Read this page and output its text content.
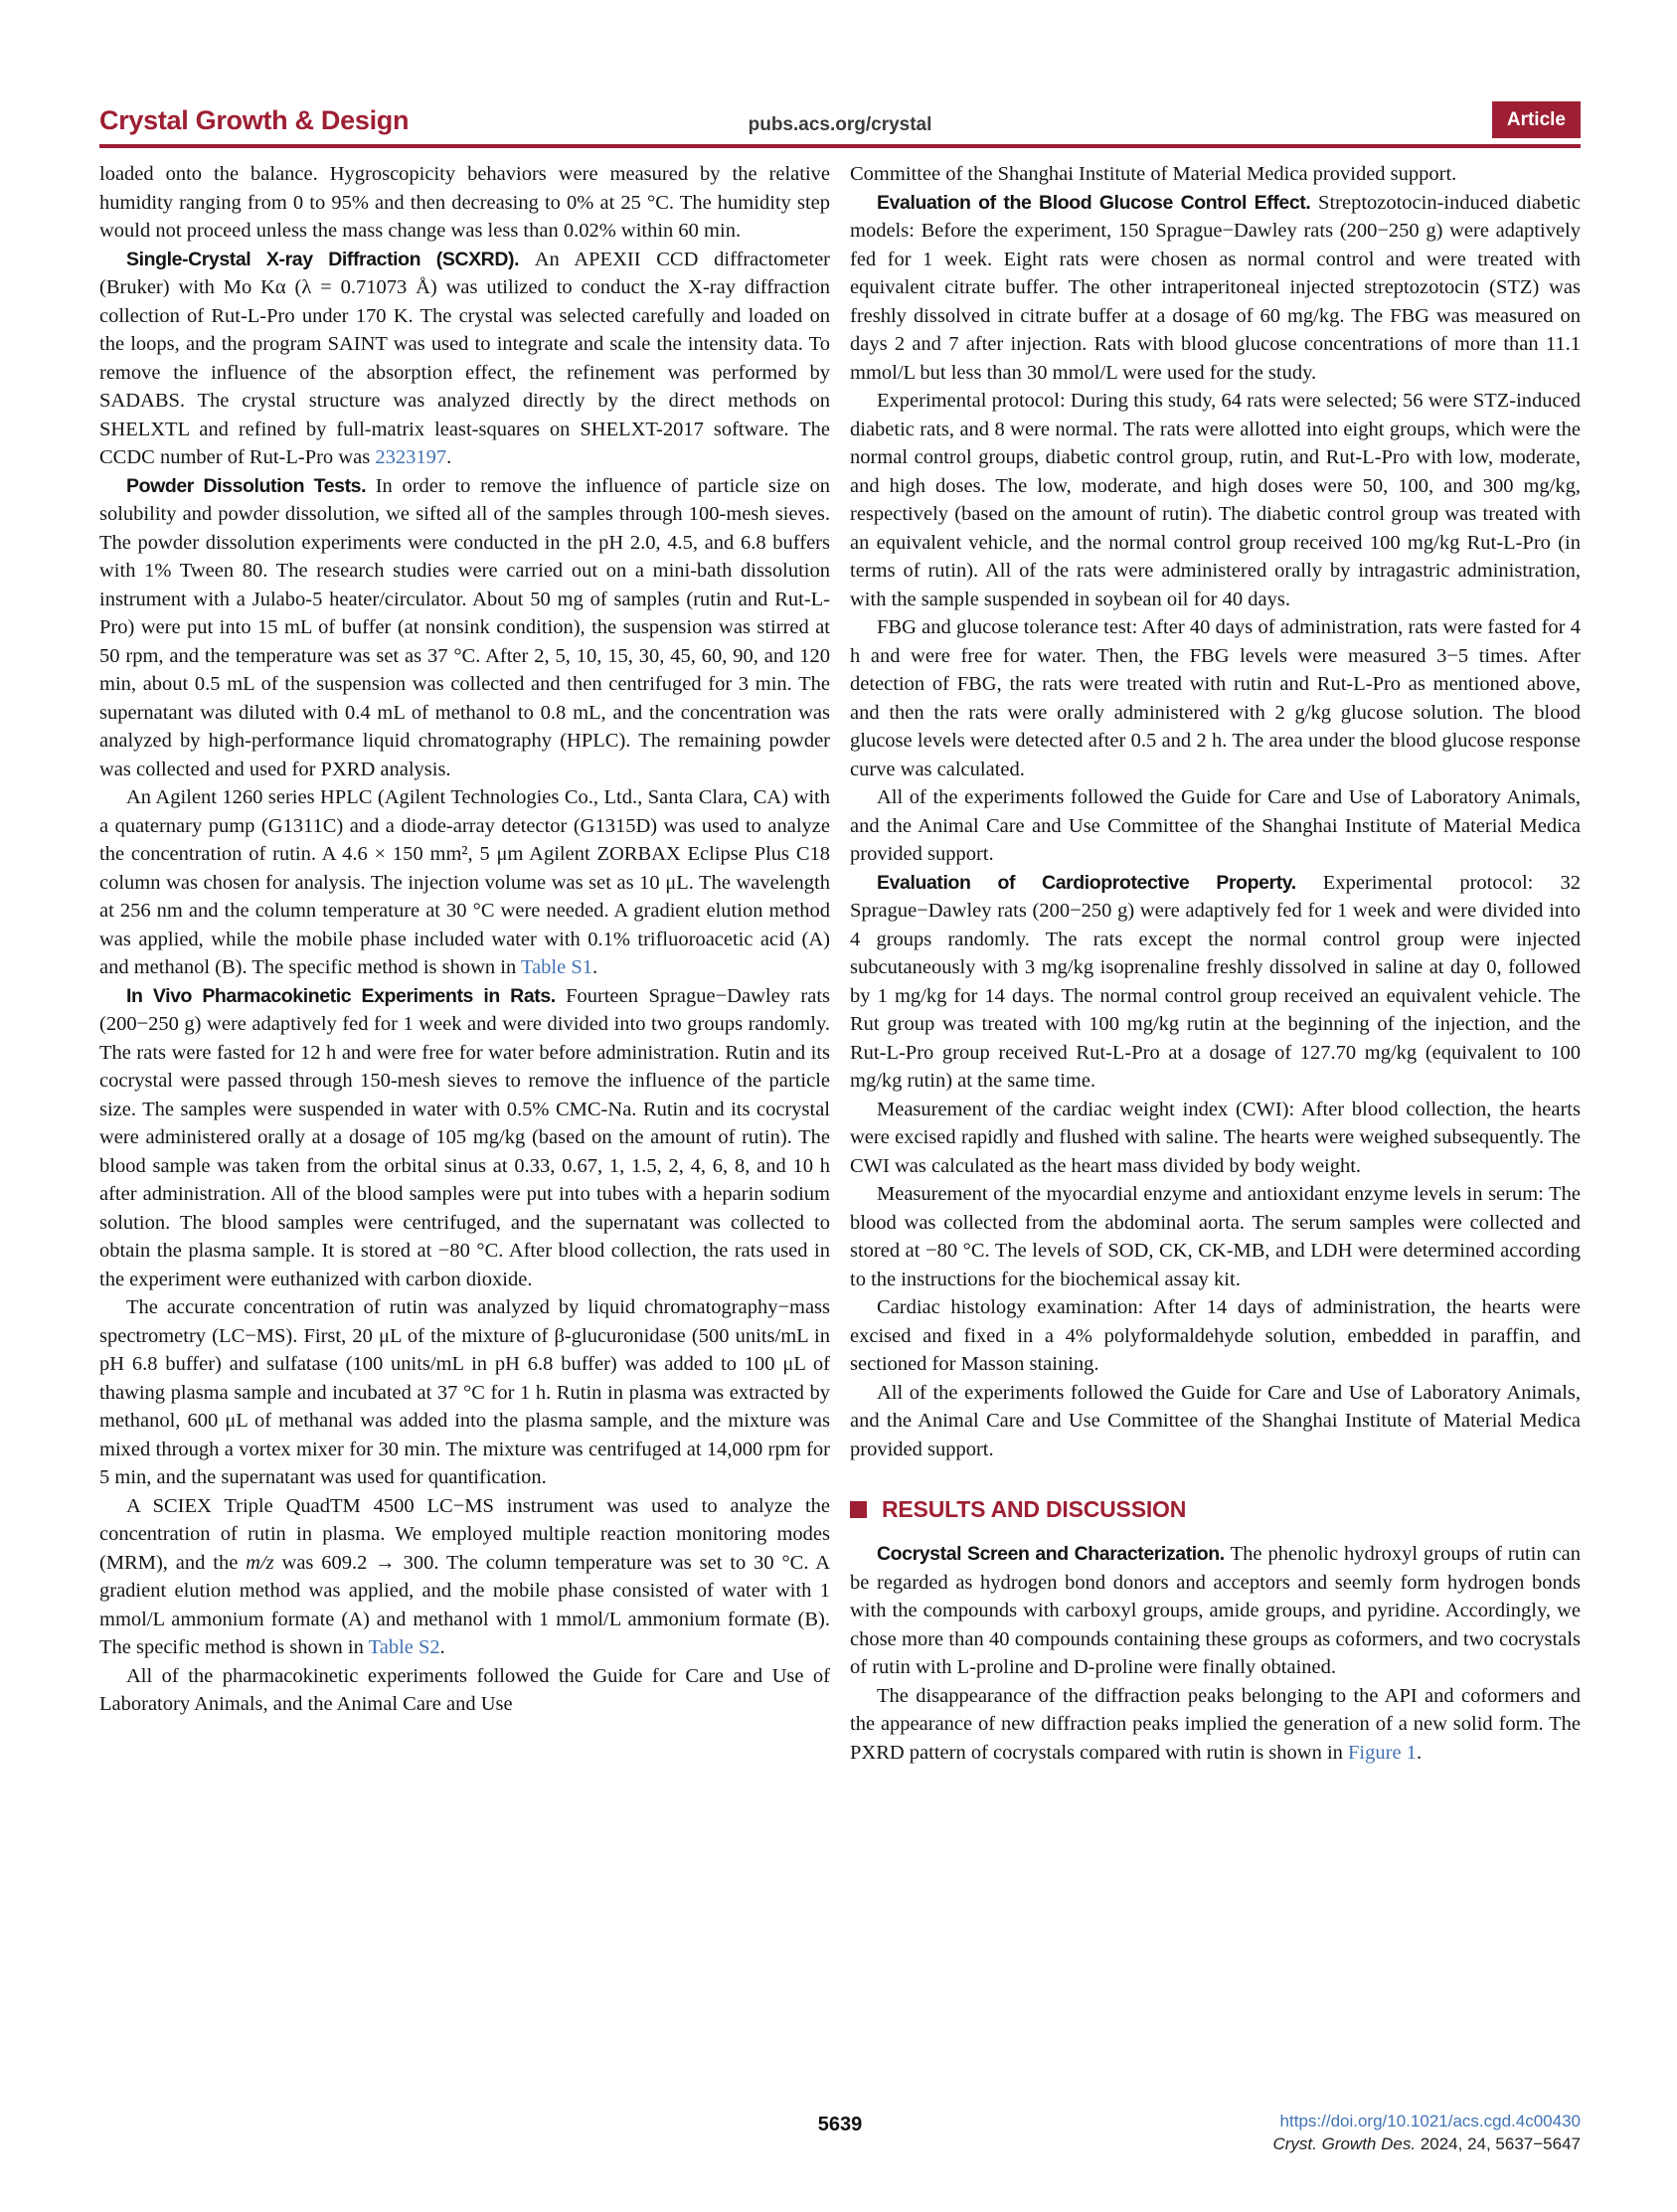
Crystal Growth & Design	pubs.acs.org/crystal	Article

loaded onto the balance. Hygroscopicity behaviors were measured by the relative humidity ranging from 0 to 95% and then decreasing to 0% at 25 °C. The humidity step would not proceed unless the mass change was less than 0.02% within 60 min.

Single-Crystal X-ray Diffraction (SCXRD). An APEXII CCD diffractometer (Bruker) with Mo Kα (λ = 0.71073 Å) was utilized to conduct the X-ray diffraction collection of Rut-L-Pro under 170 K. The crystal was selected carefully and loaded on the loops, and the program SAINT was used to integrate and scale the intensity data. To remove the influence of the absorption effect, the refinement was performed by SADABS. The crystal structure was analyzed directly by the direct methods on SHELXTL and refined by full-matrix least-squares on SHELXT-2017 software. The CCDC number of Rut-L-Pro was 2323197.

Powder Dissolution Tests. In order to remove the influence of particle size on solubility and powder dissolution, we sifted all of the samples through 100-mesh sieves. The powder dissolution experiments were conducted in the pH 2.0, 4.5, and 6.8 buffers with 1% Tween 80. The research studies were carried out on a mini-bath dissolution instrument with a Julabo-5 heater/circulator. About 50 mg of samples (rutin and Rut-L-Pro) were put into 15 mL of buffer (at nonsink condition), the suspension was stirred at 50 rpm, and the temperature was set as 37 °C. After 2, 5, 10, 15, 30, 45, 60, 90, and 120 min, about 0.5 mL of the suspension was collected and then centrifuged for 3 min. The supernatant was diluted with 0.4 mL of methanol to 0.8 mL, and the concentration was analyzed by high-performance liquid chromatography (HPLC). The remaining powder was collected and used for PXRD analysis.

An Agilent 1260 series HPLC (Agilent Technologies Co., Ltd., Santa Clara, CA) with a quaternary pump (G1311C) and a diode-array detector (G1315D) was used to analyze the concentration of rutin. A 4.6 × 150 mm², 5 μm Agilent ZORBAX Eclipse Plus C18 column was chosen for analysis. The injection volume was set as 10 μL. The wavelength at 256 nm and the column temperature at 30 °C were needed. A gradient elution method was applied, while the mobile phase included water with 0.1% trifluoroacetic acid (A) and methanol (B). The specific method is shown in Table S1.

In Vivo Pharmacokinetic Experiments in Rats. Fourteen Sprague−Dawley rats (200−250 g) were adaptively fed for 1 week and were divided into two groups randomly. The rats were fasted for 12 h and were free for water before administration. Rutin and its cocrystal were passed through 150-mesh sieves to remove the influence of the particle size. The samples were suspended in water with 0.5% CMC-Na. Rutin and its cocrystal were administered orally at a dosage of 105 mg/kg (based on the amount of rutin). The blood sample was taken from the orbital sinus at 0.33, 0.67, 1, 1.5, 2, 4, 6, 8, and 10 h after administration. All of the blood samples were put into tubes with a heparin sodium solution. The blood samples were centrifuged, and the supernatant was collected to obtain the plasma sample. It is stored at −80 °C. After blood collection, the rats used in the experiment were euthanized with carbon dioxide.

The accurate concentration of rutin was analyzed by liquid chromatography−mass spectrometry (LC−MS). First, 20 μL of the mixture of β-glucuronidase (500 units/mL in pH 6.8 buffer) and sulfatase (100 units/mL in pH 6.8 buffer) was added to 100 μL of thawing plasma sample and incubated at 37 °C for 1 h. Rutin in plasma was extracted by methanol, 600 μL of methanal was added into the plasma sample, and the mixture was mixed through a vortex mixer for 30 min. The mixture was centrifuged at 14,000 rpm for 5 min, and the supernatant was used for quantification.

A SCIEX Triple QuadTM 4500 LC−MS instrument was used to analyze the concentration of rutin in plasma. We employed multiple reaction monitoring modes (MRM), and the m/z was 609.2 → 300. The column temperature was set to 30 °C. A gradient elution method was applied, and the mobile phase consisted of water with 1 mmol/L ammonium formate (A) and methanol with 1 mmol/L ammonium formate (B). The specific method is shown in Table S2.

All of the pharmacokinetic experiments followed the Guide for Care and Use of Laboratory Animals, and the Animal Care and Use

Committee of the Shanghai Institute of Material Medica provided support.

Evaluation of the Blood Glucose Control Effect. Streptozotocin-induced diabetic models: Before the experiment, 150 Sprague−Dawley rats (200−250 g) were adaptively fed for 1 week. Eight rats were chosen as normal control and were treated with equivalent citrate buffer. The other intraperitoneal injected streptozotocin (STZ) was freshly dissolved in citrate buffer at a dosage of 60 mg/kg. The FBG was measured on days 2 and 7 after injection. Rats with blood glucose concentrations of more than 11.1 mmol/L but less than 30 mmol/L were used for the study.

Experimental protocol: During this study, 64 rats were selected; 56 were STZ-induced diabetic rats, and 8 were normal. The rats were allotted into eight groups, which were the normal control groups, diabetic control group, rutin, and Rut-L-Pro with low, moderate, and high doses. The low, moderate, and high doses were 50, 100, and 300 mg/kg, respectively (based on the amount of rutin). The diabetic control group was treated with an equivalent vehicle, and the normal control group received 100 mg/kg Rut-L-Pro (in terms of rutin). All of the rats were administered orally by intragastric administration, with the sample suspended in soybean oil for 40 days.

FBG and glucose tolerance test: After 40 days of administration, rats were fasted for 4 h and were free for water. Then, the FBG levels were measured 3−5 times. After detection of FBG, the rats were treated with rutin and Rut-L-Pro as mentioned above, and then the rats were orally administered with 2 g/kg glucose solution. The blood glucose levels were detected after 0.5 and 2 h. The area under the blood glucose response curve was calculated.

All of the experiments followed the Guide for Care and Use of Laboratory Animals, and the Animal Care and Use Committee of the Shanghai Institute of Material Medica provided support.

Evaluation of Cardioprotective Property. Experimental protocol: 32 Sprague−Dawley rats (200−250 g) were adaptively fed for 1 week and were divided into 4 groups randomly. The rats except the normal control group were injected subcutaneously with 3 mg/kg isoprenaline freshly dissolved in saline at day 0, followed by 1 mg/kg for 14 days. The normal control group received an equivalent vehicle. The Rut group was treated with 100 mg/kg rutin at the beginning of the injection, and the Rut-L-Pro group received Rut-L-Pro at a dosage of 127.70 mg/kg (equivalent to 100 mg/kg rutin) at the same time.

Measurement of the cardiac weight index (CWI): After blood collection, the hearts were excised rapidly and flushed with saline. The hearts were weighed subsequently. The CWI was calculated as the heart mass divided by body weight.

Measurement of the myocardial enzyme and antioxidant enzyme levels in serum: The blood was collected from the abdominal aorta. The serum samples were collected and stored at −80 °C. The levels of SOD, CK, CK-MB, and LDH were determined according to the instructions for the biochemical assay kit.

Cardiac histology examination: After 14 days of administration, the hearts were excised and fixed in a 4% polyformaldehyde solution, embedded in paraffin, and sectioned for Masson staining.

All of the experiments followed the Guide for Care and Use of Laboratory Animals, and the Animal Care and Use Committee of the Shanghai Institute of Material Medica provided support.

RESULTS AND DISCUSSION

Cocrystal Screen and Characterization. The phenolic hydroxyl groups of rutin can be regarded as hydrogen bond donors and acceptors and seemly form hydrogen bonds with the compounds with carboxyl groups, amide groups, and pyridine. Accordingly, we chose more than 40 compounds containing these groups as coformers, and two cocrystals of rutin with L-proline and D-proline were finally obtained.

The disappearance of the diffraction peaks belonging to the API and coformers and the appearance of new diffraction peaks implied the generation of a new solid form. The PXRD pattern of cocrystals compared with rutin is shown in Figure 1.

5639	https://doi.org/10.1021/acs.cgd.4c00430
Cryst. Growth Des. 2024, 24, 5637−5647
